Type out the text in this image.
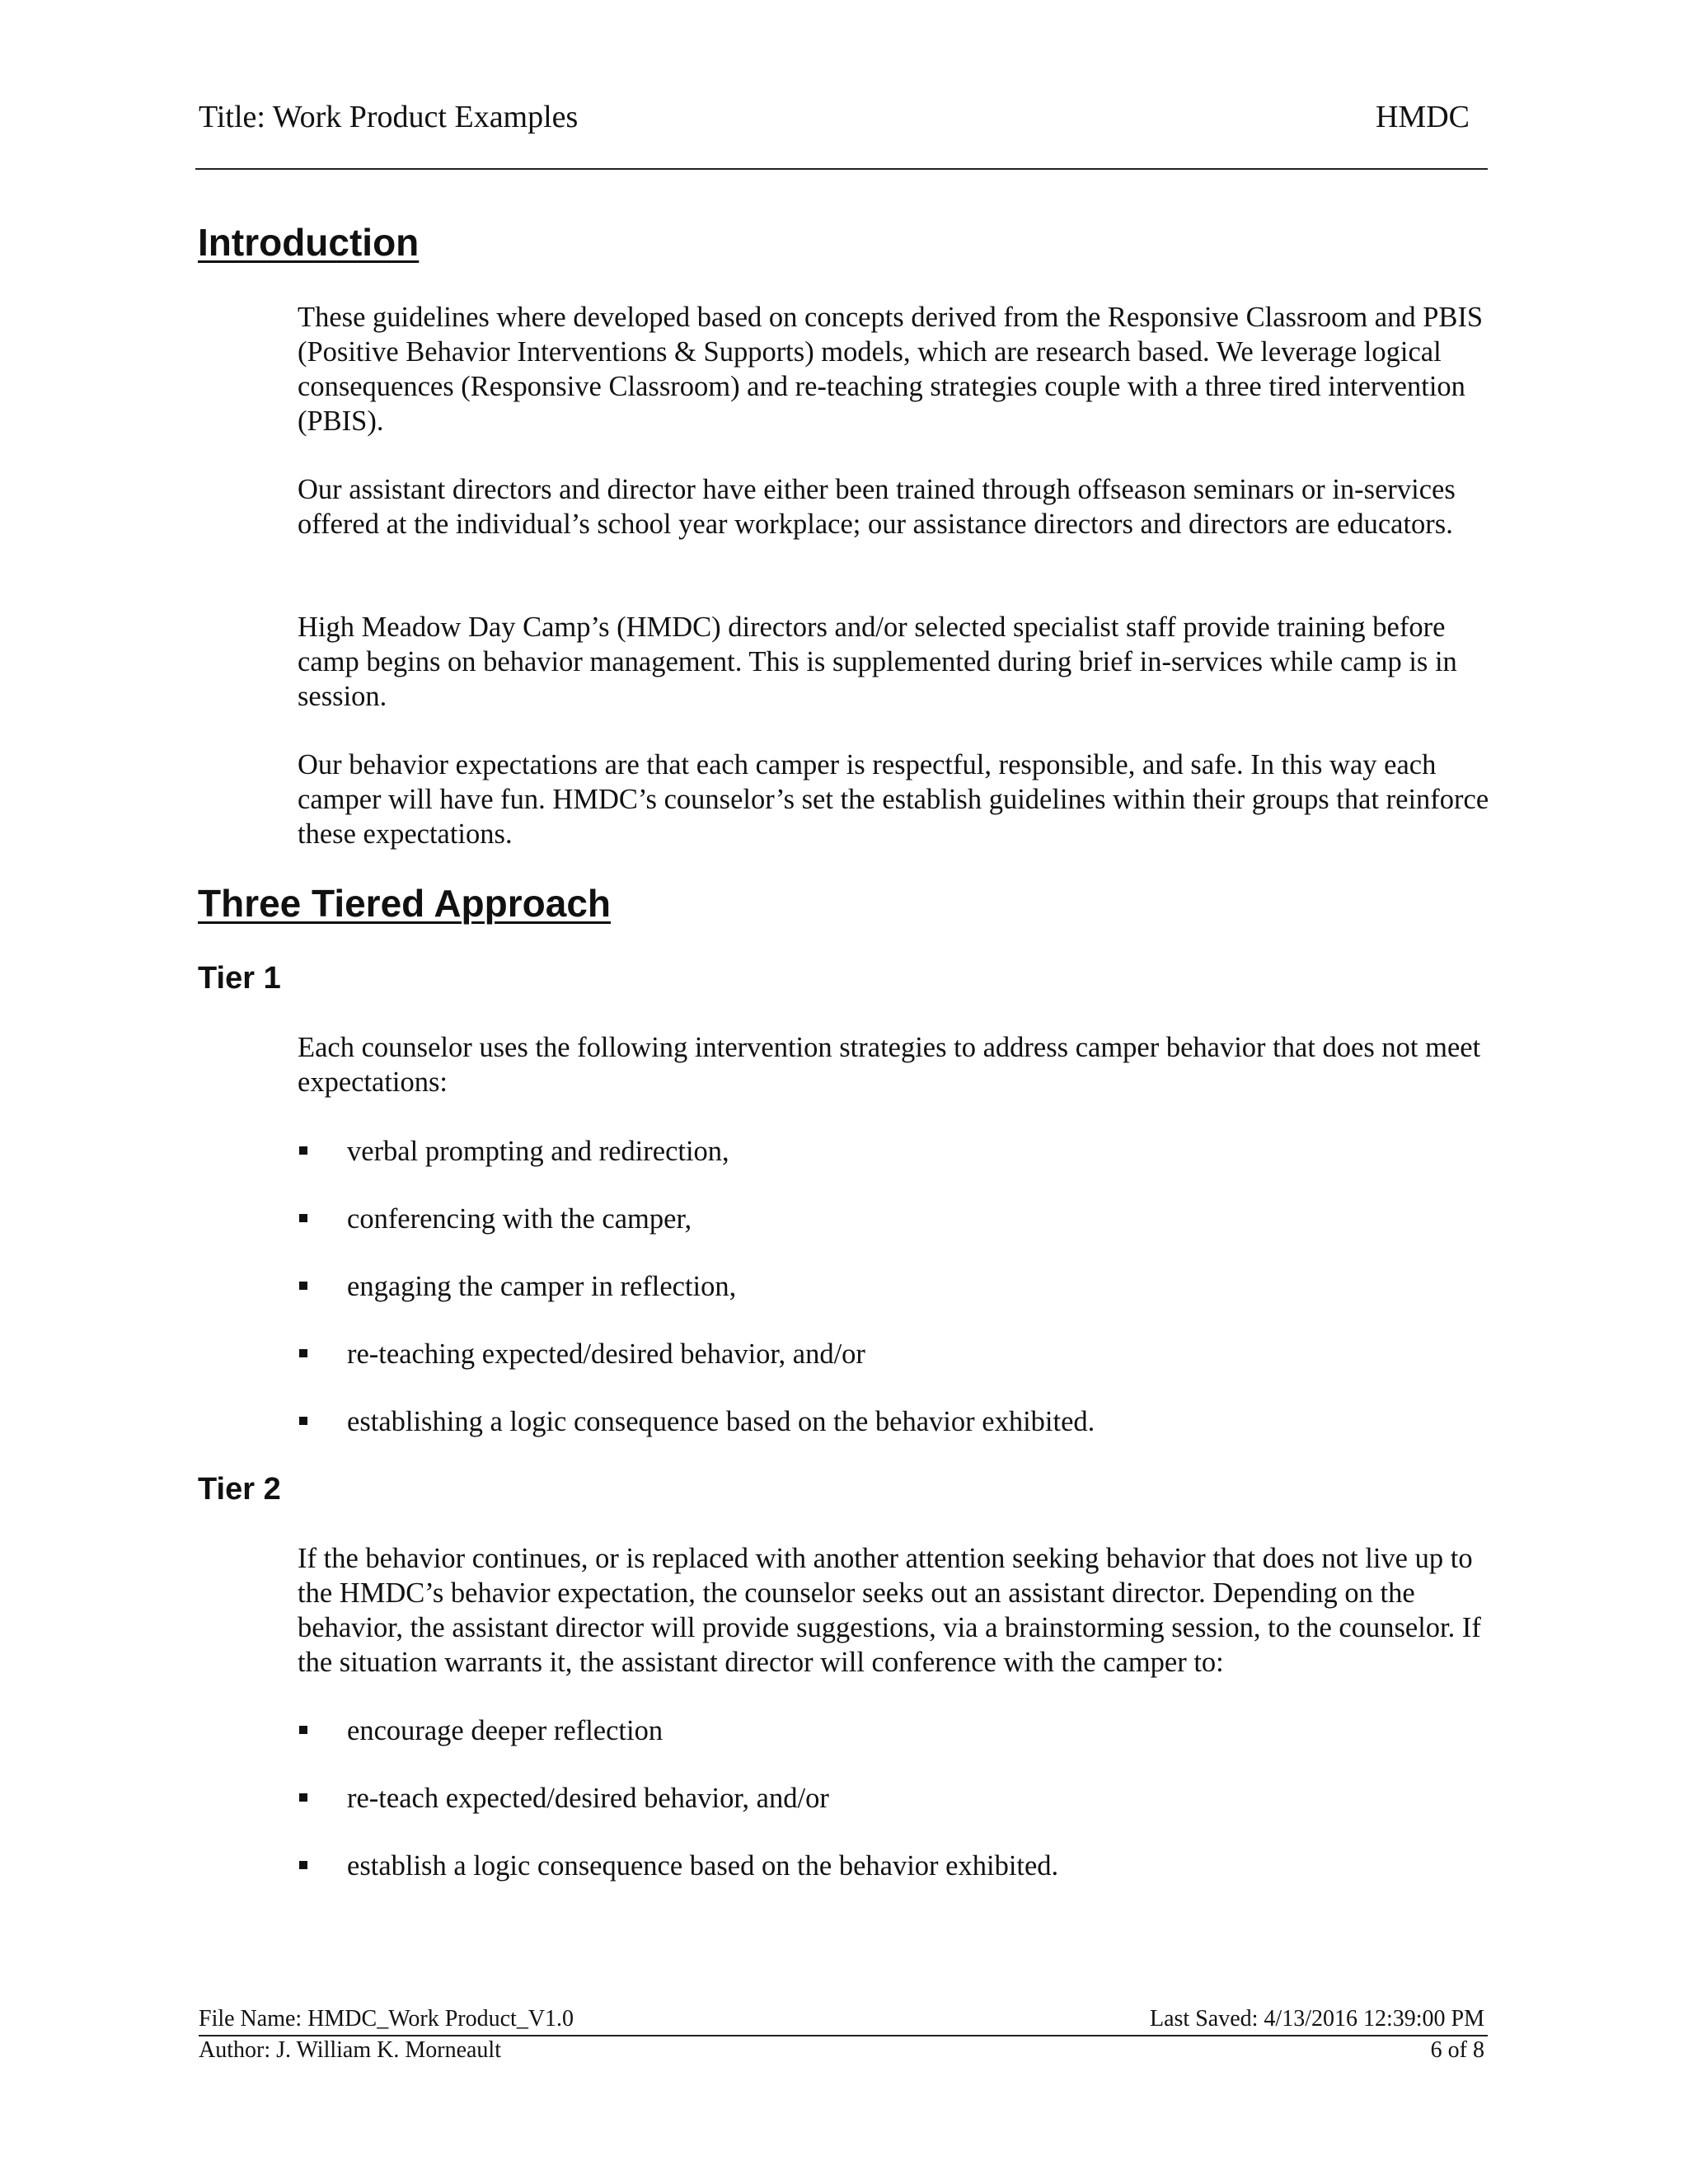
Title: Work Product Examples	HMDC
Introduction

These guidelines where developed based on concepts derived from the Responsive Classroom and PBIS (Positive Behavior Interventions & Supports) models, which are research based. We leverage logical consequences (Responsive Classroom) and re-teaching strategies couple with a three tired intervention (PBIS).

Our assistant directors and director have either been trained through offseason seminars or in-services offered at the individual’s school year workplace; our assistance directors and directors are educators.

High Meadow Day Camp’s (HMDC) directors and/or selected specialist staff provide training before camp begins on behavior management. This is supplemented during brief in-services while camp is in session.

Our behavior expectations are that each camper is respectful, responsible, and safe. In this way each camper will have fun. HMDC’s counselor’s set the establish guidelines within their groups that reinforce these expectations.

Three Tiered Approach
Tier 1

Each counselor uses the following intervention strategies to address camper behavior that does not meet expectations:

verbal prompting and redirection,
conferencing with the camper,
engaging the camper in reflection,
re-teaching expected/desired behavior, and/or
establishing a logic consequence based on the behavior exhibited.
Tier 2

If the behavior continues, or is replaced with another attention seeking behavior that does not live up to the HMDC’s behavior expectation, the counselor seeks out an assistant director. Depending on the behavior, the assistant director will provide suggestions, via a brainstorming session, to the counselor. If the situation warrants it, the assistant director will conference with the camper to:

encourage deeper reflection
re-teach expected/desired behavior, and/or
establish a logic consequence based on the behavior exhibited.
File Name: HMDC_Work Product_V1.0	Last Saved: 4/13/2016 12:39:00 PM
Author: J. William K. Morneault	6 of 8
